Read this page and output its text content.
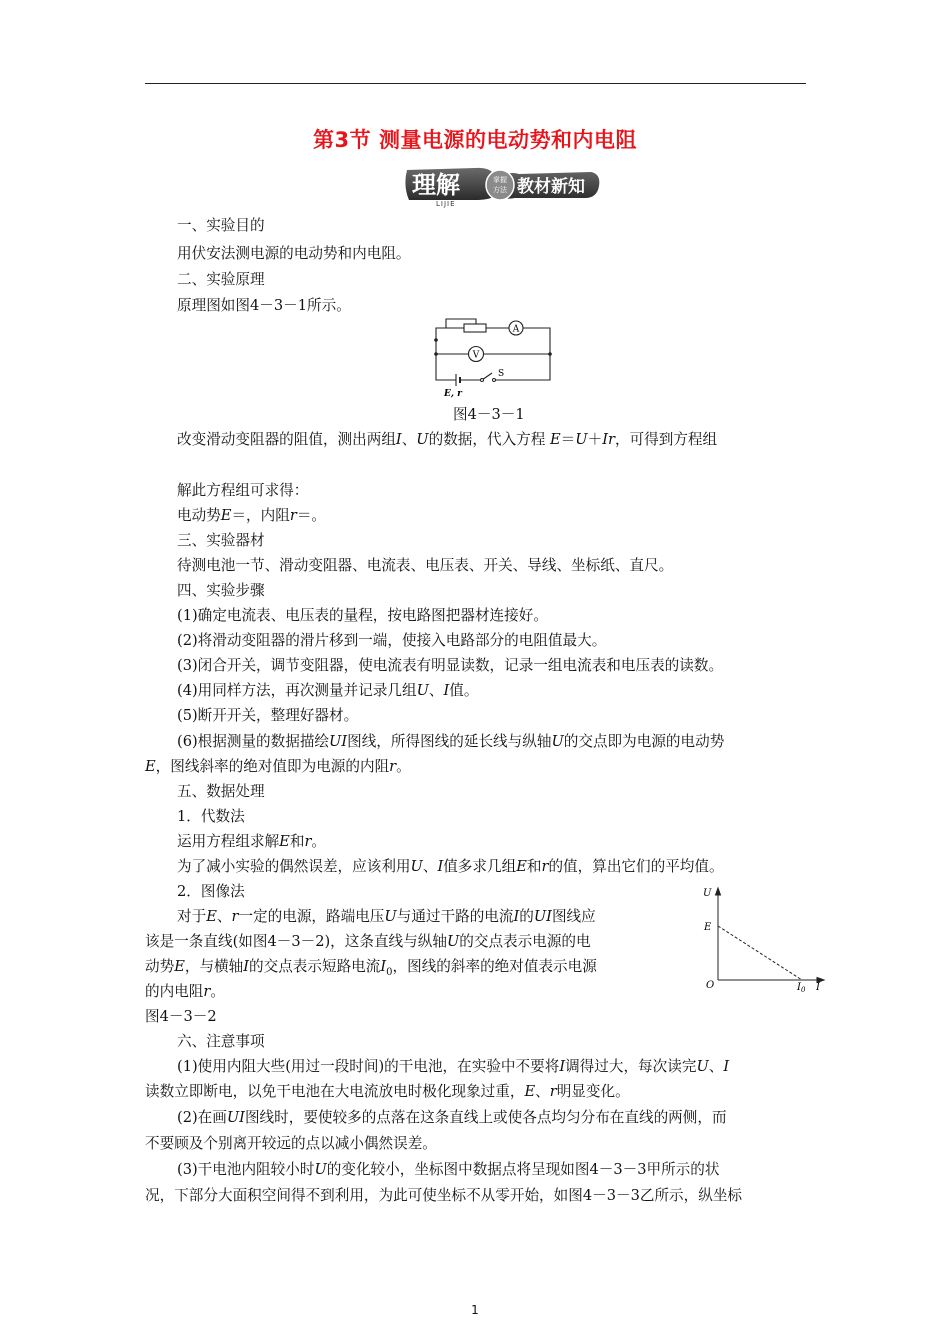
第3节 测量电源的电动势和内电阻
理解
LIJIE
掌握
方法 教材新知
一、实验目的
用伏安法测电源的电动势和内电阻。
二、实验原理
原理图如图4－3－1所示。
A
V
S
E, r
图4－3－1
改变滑动变阻器的阻值，测出两组I、U的数据，代入方程 E＝U＋Ir，可得到方程组
解此方程组可求得：
电动势E＝，内阻r＝。
三、实验器材
待测电池一节、滑动变阻器、电流表、电压表、开关、导线、坐标纸、直尺。
四、实验步骤
(1)确定电流表、电压表的量程，按电路图把器材连接好。
(2)将滑动变阻器的滑片移到一端，使接入电路部分的电阻值最大。
(3)闭合开关，调节变阻器，使电流表有明显读数，记录一组电流表和电压表的读数。
(4)用同样方法，再次测量并记录几组U、I值。
(5)断开开关，整理好器材。
(6)根据测量的数据描绘UI图线，所得图线的延长线与纵轴U的交点即为电源的电动势
E，图线斜率的绝对值即为电源的内阻r。
五、数据处理
1．代数法
运用方程组求解E和r。
为了减小实验的偶然误差，应该利用U、I值多求几组E和r的值，算出它们的平均值。
2．图像法
对于E、r一定的电源，路端电压U与通过干路的电流I的UI图线应
该是一条直线(如图4－3－2)，这条直线与纵轴U的交点表示电源的电
动势E，与横轴I的交点表示短路电流$I_0$，图线的斜率的绝对值表示电源
的内电阻r。
U
E
O	$I_0$ I
图4－3－2
六、注意事项
(1)使用内阻大些(用过一段时间)的干电池，在实验中不要将I调得过大，每次读完U、I
读数立即断电，以免干电池在大电流放电时极化现象过重，E、r明显变化。
(2)在画UI图线时，要使较多的点落在这条直线上或使各点均匀分布在直线的两侧，而
不要顾及个别离开较远的点以减小偶然误差。
(3)干电池内阻较小时U的变化较小，坐标图中数据点将呈现如图4－3－3甲所示的状
况，下部分大面积空间得不到利用，为此可使坐标不从零开始，如图4－3－3乙所示，纵坐标
1
